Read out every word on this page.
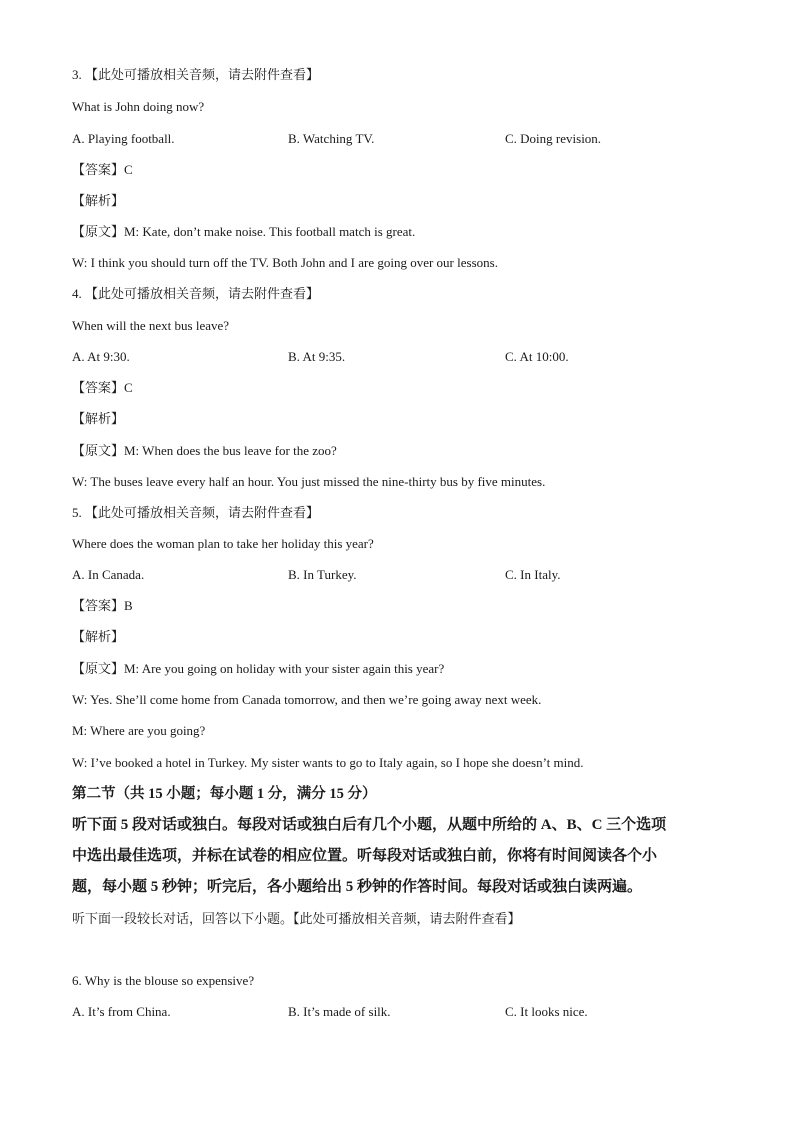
3. 【此处可播放相关音频，请去附件查看】
What is John doing now?
A. Playing football.	B. Watching TV.	C. Doing revision.
【答案】C
【解析】
【原文】M: Kate, don’t make noise. This football match is great.
W: I think you should turn off the TV. Both John and I are going over our lessons.
4. 【此处可播放相关音频，请去附件查看】
When will the next bus leave?
A. At 9:30.	B. At 9:35.	C. At 10:00.
【答案】C
【解析】
【原文】M: When does the bus leave for the zoo?
W: The buses leave every half an hour. You just missed the nine-thirty bus by five minutes.
5. 【此处可播放相关音频，请去附件查看】
Where does the woman plan to take her holiday this year?
A. In Canada.	B. In Turkey.	C. In Italy.
【答案】B
【解析】
【原文】M: Are you going on holiday with your sister again this year?
W: Yes. She’ll come home from Canada tomorrow, and then we’re going away next week.
M: Where are you going?
W: I’ve booked a hotel in Turkey. My sister wants to go to Italy again, so I hope she doesn’t mind.
第二节（共 15 小题；每小题 1 分，满分 15 分）
听下面 5 段对话或独白。每段对话或独白后有几个小题，从题中所给的 A、B、C 三个选项
中选出最佳选项，并标在试卷的相应位置。听每段对话或独白前，你将有时间阅读各个小
题，每小题 5 秒钟；听完后，各小题给出 5 秒钟的作答时间。每段对话或独白读两遍。
听下面一段较长对话，回答以下小题。【此处可播放相关音频，请去附件查看】
6. Why is the blouse so expensive?
A. It’s from China.	B. It’s made of silk.	C. It looks nice.
